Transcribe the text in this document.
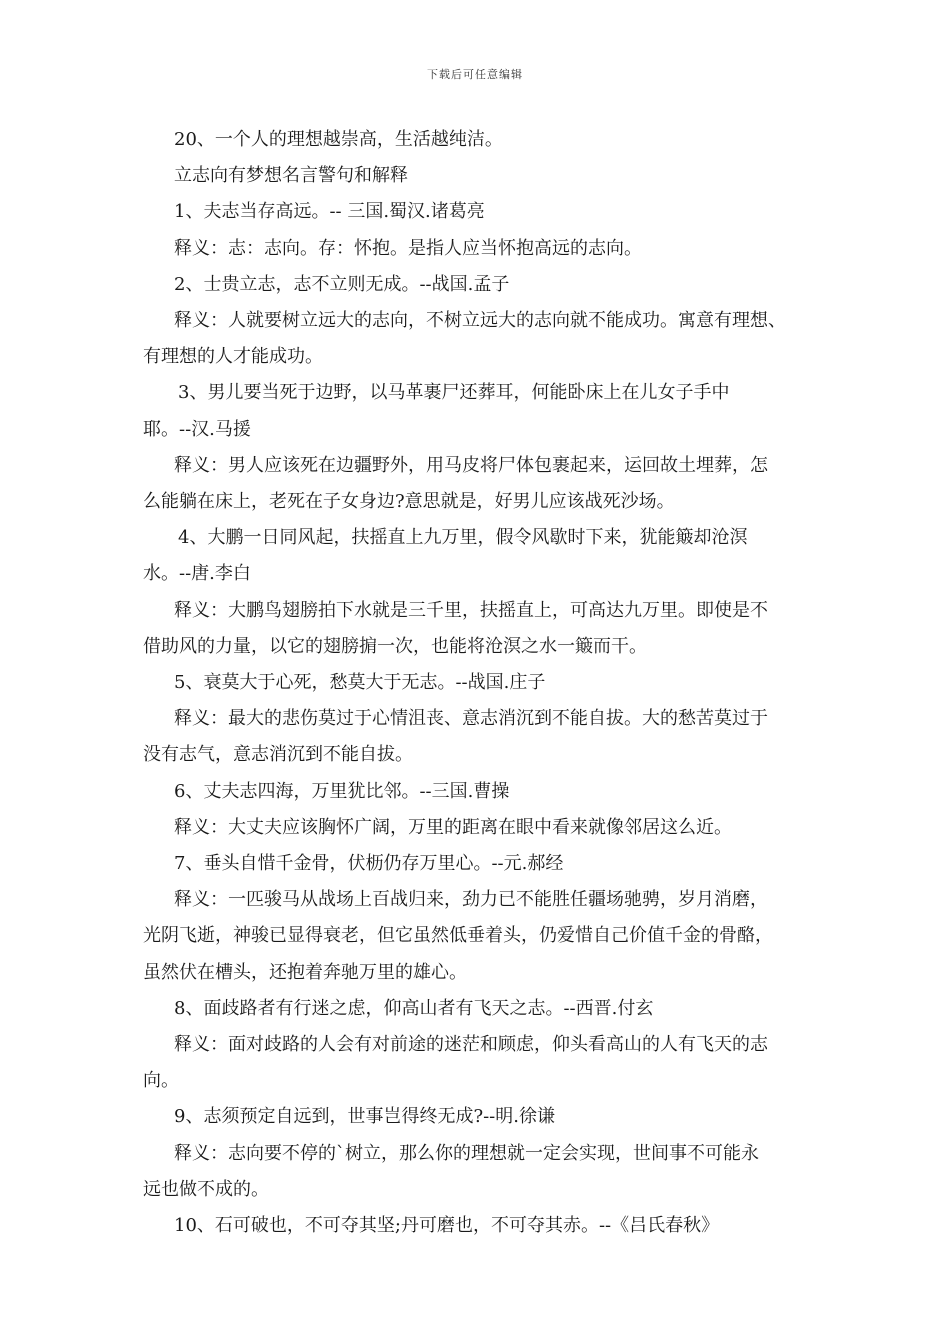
下载后可任意编辑
20、一个人的理想越崇高，生活越纯洁。
立志向有梦想名言警句和解释
1、夫志当存高远。-- 三国.蜀汉.诸葛亮
释义：志：志向。存：怀抱。是指人应当怀抱高远的志向。
2、士贵立志，志不立则无成。--战国.孟子
释义：人就要树立远大的志向，不树立远大的志向就不能成功。寓意有理想、
有理想的人才能成功。
3、男儿要当死于边野，以马革裹尸还葬耳，何能卧床上在儿女子手中
耶。--汉.马援
释义：男人应该死在边疆野外，用马皮将尸体包裹起来，运回故土埋葬，怎
么能躺在床上，老死在子女身边?意思就是，好男儿应该战死沙场。
4、大鹏一日同风起，扶摇直上九万里，假令风歇时下来，犹能簸却沧溟
水。--唐.李白
释义：大鹏鸟翅膀拍下水就是三千里，扶摇直上，可高达九万里。即使是不
借助风的力量，以它的翅膀掮一次，也能将沧溟之水一簸而干。
5、衰莫大于心死，愁莫大于无志。--战国.庄子
释义：最大的悲伤莫过于心情沮丧、意志消沉到不能自拔。大的愁苦莫过于
没有志气，意志消沉到不能自拔。
6、丈夫志四海，万里犹比邻。--三国.曹操
释义：大丈夫应该胸怀广阔，万里的距离在眼中看来就像邻居这么近。
7、垂头自惜千金骨，伏枥仍存万里心。--元.郝经
释义：一匹骏马从战场上百战归来，劲力已不能胜任疆场驰骋，岁月消磨，
光阴飞逝，神骏已显得衰老，但它虽然低垂着头，仍爱惜自己价值千金的骨酪，
虽然伏在槽头，还抱着奔驰万里的雄心。
8、面歧路者有行迷之虑，仰高山者有飞天之志。--西晋.付玄
释义：面对歧路的人会有对前途的迷茫和顾虑，仰头看高山的人有飞天的志
向。
9、志须预定自远到，世事岂得终无成?--明.徐谦
释义：志向要不停的`树立，那么你的理想就一定会实现，世间事不可能永
远也做不成的。
10、石可破也，不可夺其坚;丹可磨也，不可夺其赤。--《吕氏春秋》
